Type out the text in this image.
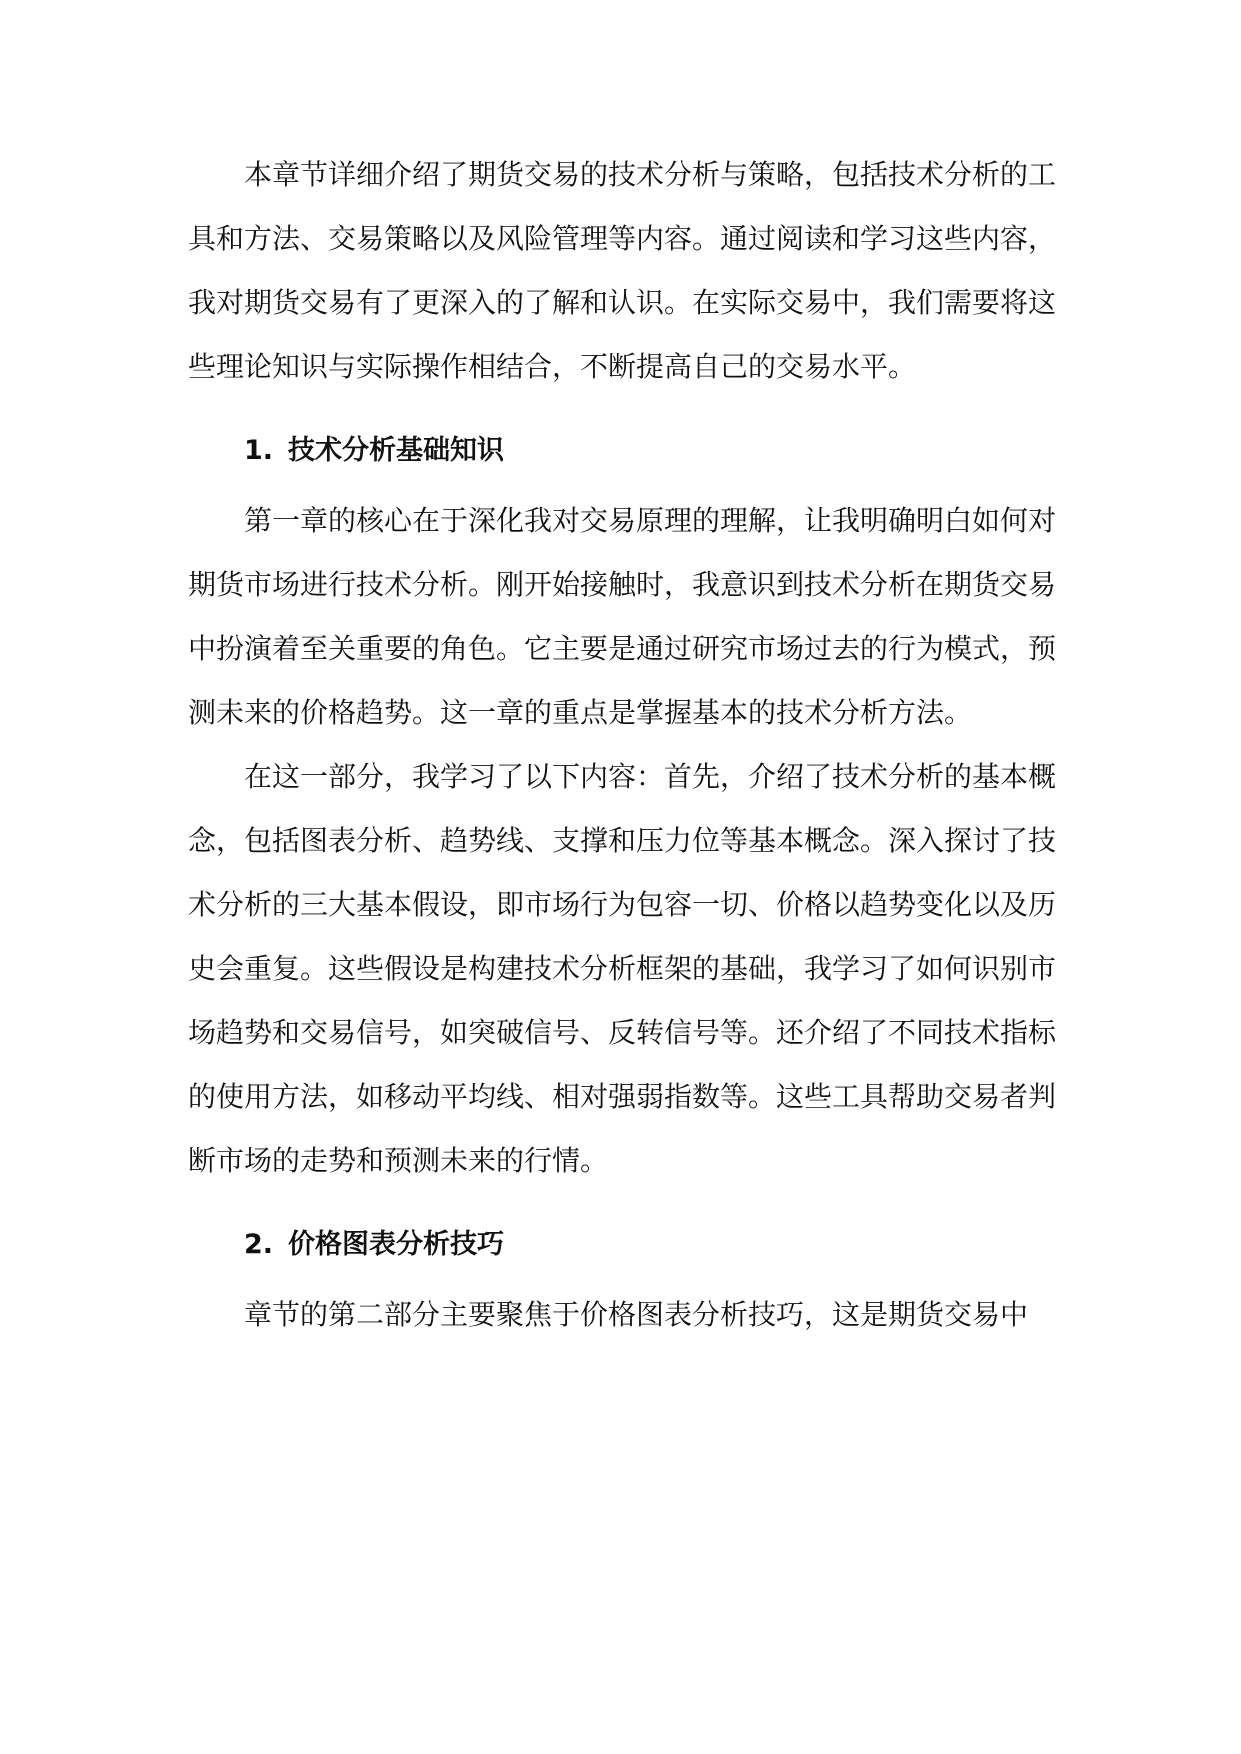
本章节详细介绍了期货交易的技术分析与策略，包括技术分析的工具和方法、交易策略以及风险管理等内容。通过阅读和学习这些内容，我对期货交易有了更深入的了解和认识。在实际交易中，我们需要将这些理论知识与实际操作相结合，不断提高自己的交易水平。

1. 技术分析基础知识

第一章的核心在于深化我对交易原理的理解，让我明确明白如何对期货市场进行技术分析。刚开始接触时，我意识到技术分析在期货交易中扮演着至关重要的角色。它主要是通过研究市场过去的行为模式，预测未来的价格趋势。这一章的重点是掌握基本的技术分析方法。

在这一部分，我学习了以下内容：首先，介绍了技术分析的基本概念，包括图表分析、趋势线、支撑和压力位等基本概念。深入探讨了技术分析的三大基本假设，即市场行为包容一切、价格以趋势变化以及历史会重复。这些假设是构建技术分析框架的基础，我学习了如何识别市场趋势和交易信号，如突破信号、反转信号等。还介绍了不同技术指标的使用方法，如移动平均线、相对强弱指数等。这些工具帮助交易者判断市场的走势和预测未来的行情。

2. 价格图表分析技巧

章节的第二部分主要聚焦于价格图表分析技巧，这是期货交易中
